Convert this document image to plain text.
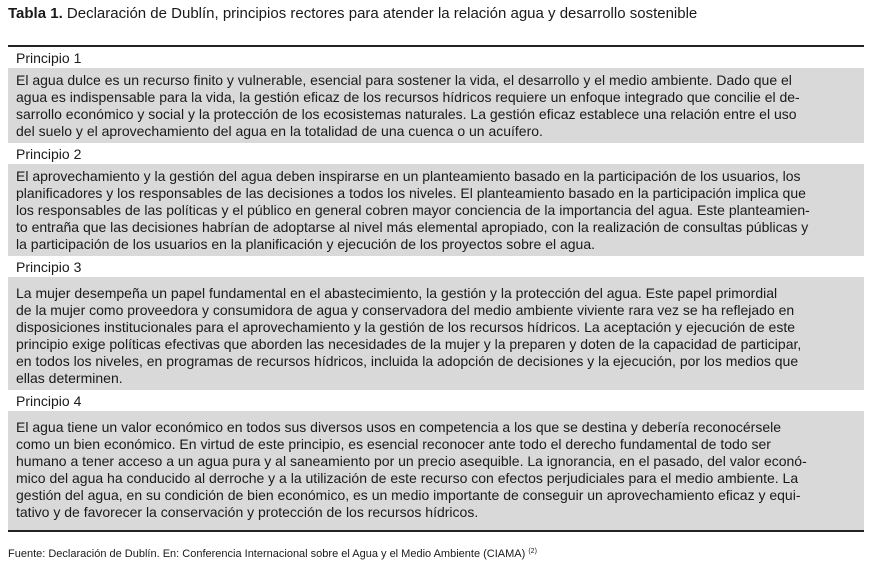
Tabla 1. Declaración de Dublín, principios rectores para atender la relación agua y desarrollo sostenible
Principio 1
El agua dulce es un recurso finito y vulnerable, esencial para sostener la vida, el desarrollo y el medio ambiente. Dado que el
agua es indispensable para la vida, la gestión eficaz de los recursos hídricos requiere un enfoque integrado que concilie el de-
sarrollo económico y social y la protección de los ecosistemas naturales. La gestión eficaz establece una relación entre el uso
del suelo y el aprovechamiento del agua en la totalidad de una cuenca o un acuífero.
Principio 2
El aprovechamiento y la gestión del agua deben inspirarse en un planteamiento basado en la participación de los usuarios, los
planificadores y los responsables de las decisiones a todos los niveles. El planteamiento basado en la participación implica que
los responsables de las políticas y el público en general cobren mayor conciencia de la importancia del agua. Este planteamien-
to entraña que las decisiones habrían de adoptarse al nivel más elemental apropiado, con la realización de consultas públicas y
la participación de los usuarios en la planificación y ejecución de los proyectos sobre el agua.
Principio 3
La mujer desempeña un papel fundamental en el abastecimiento, la gestión y la protección del agua. Este papel primordial
de la mujer como proveedora y consumidora de agua y conservadora del medio ambiente viviente rara vez se ha reflejado en
disposiciones institucionales para el aprovechamiento y la gestión de los recursos hídricos. La aceptación y ejecución de este
principio exige políticas efectivas que aborden las necesidades de la mujer y la preparen y doten de la capacidad de participar,
en todos los niveles, en programas de recursos hídricos, incluida la adopción de decisiones y la ejecución, por los medios que
ellas determinen.
Principio 4
El agua tiene un valor económico en todos sus diversos usos en competencia a los que se destina y debería reconocérsele
como un bien económico. En virtud de este principio, es esencial reconocer ante todo el derecho fundamental de todo ser
humano a tener acceso a un agua pura y al saneamiento por un precio asequible. La ignorancia, en el pasado, del valor econó-
mico del agua ha conducido al derroche y a la utilización de este recurso con efectos perjudiciales para el medio ambiente. La
gestión del agua, en su condición de bien económico, es un medio importante de conseguir un aprovechamiento eficaz y equi-
tativo y de favorecer la conservación y protección de los recursos hídricos.
Fuente: Declaración de Dublín. En: Conferencia Internacional sobre el Agua y el Medio Ambiente (CIAMA) $^{(2)}$
